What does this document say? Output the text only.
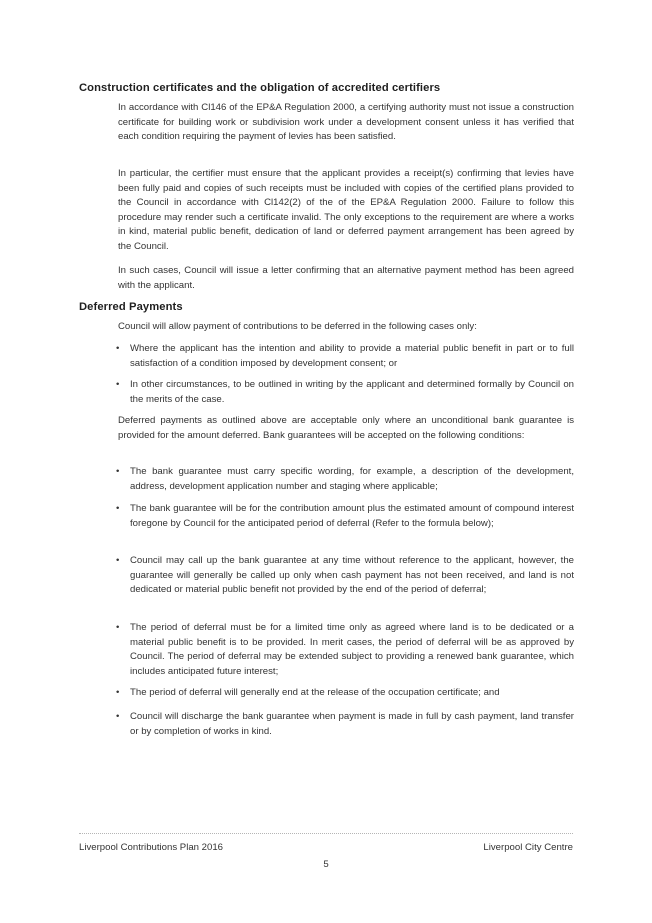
Construction certificates and the obligation of accredited certifiers

In accordance with Cl146 of the EP&A Regulation 2000, a certifying authority must not issue a construction certificate for building work or subdivision work under a development consent unless it has verified that each condition requiring the payment of levies has been satisfied.

In particular, the certifier must ensure that the applicant provides a receipt(s) confirming that levies have been fully paid and copies of such receipts must be included with copies of the certified plans provided to the Council in accordance with Cl142(2) of the of the EP&A Regulation 2000. Failure to follow this procedure may render such a certificate invalid. The only exceptions to the requirement are where a works in kind, material public benefit, dedication of land or deferred payment arrangement has been agreed by the Council.

In such cases, Council will issue a letter confirming that an alternative payment method has been agreed with the applicant.

Deferred Payments

Council will allow payment of contributions to be deferred in the following cases only:

•	Where the applicant has the intention and ability to provide a material public benefit in part or to full satisfaction of a condition imposed by development consent; or
•	In other circumstances, to be outlined in writing by the applicant and determined formally by Council on the merits of the case.

Deferred payments as outlined above are acceptable only where an unconditional bank guarantee is provided for the amount deferred. Bank guarantees will be accepted on the following conditions:

•	The bank guarantee must carry specific wording, for example, a description of the development, address, development application number and staging where applicable;
•	The bank guarantee will be for the contribution amount plus the estimated amount of compound interest foregone by Council for the anticipated period of deferral (Refer to the formula below);
•	Council may call up the bank guarantee at any time without reference to the applicant, however, the guarantee will generally be called up only when cash payment has not been received, and land is not dedicated or material public benefit not provided by the end of the period of deferral;
•	The period of deferral must be for a limited time only as agreed where land is to be dedicated or a material public benefit is to be provided. In merit cases, the period of deferral will be as approved by Council. The period of deferral may be extended subject to providing a renewed bank guarantee, which includes anticipated future interest;
•	The period of deferral will generally end at the release of the occupation certificate; and
•	Council will discharge the bank guarantee when payment is made in full by cash payment, land transfer or by completion of works in kind.

Liverpool Contributions Plan 2016	Liverpool City Centre

5
